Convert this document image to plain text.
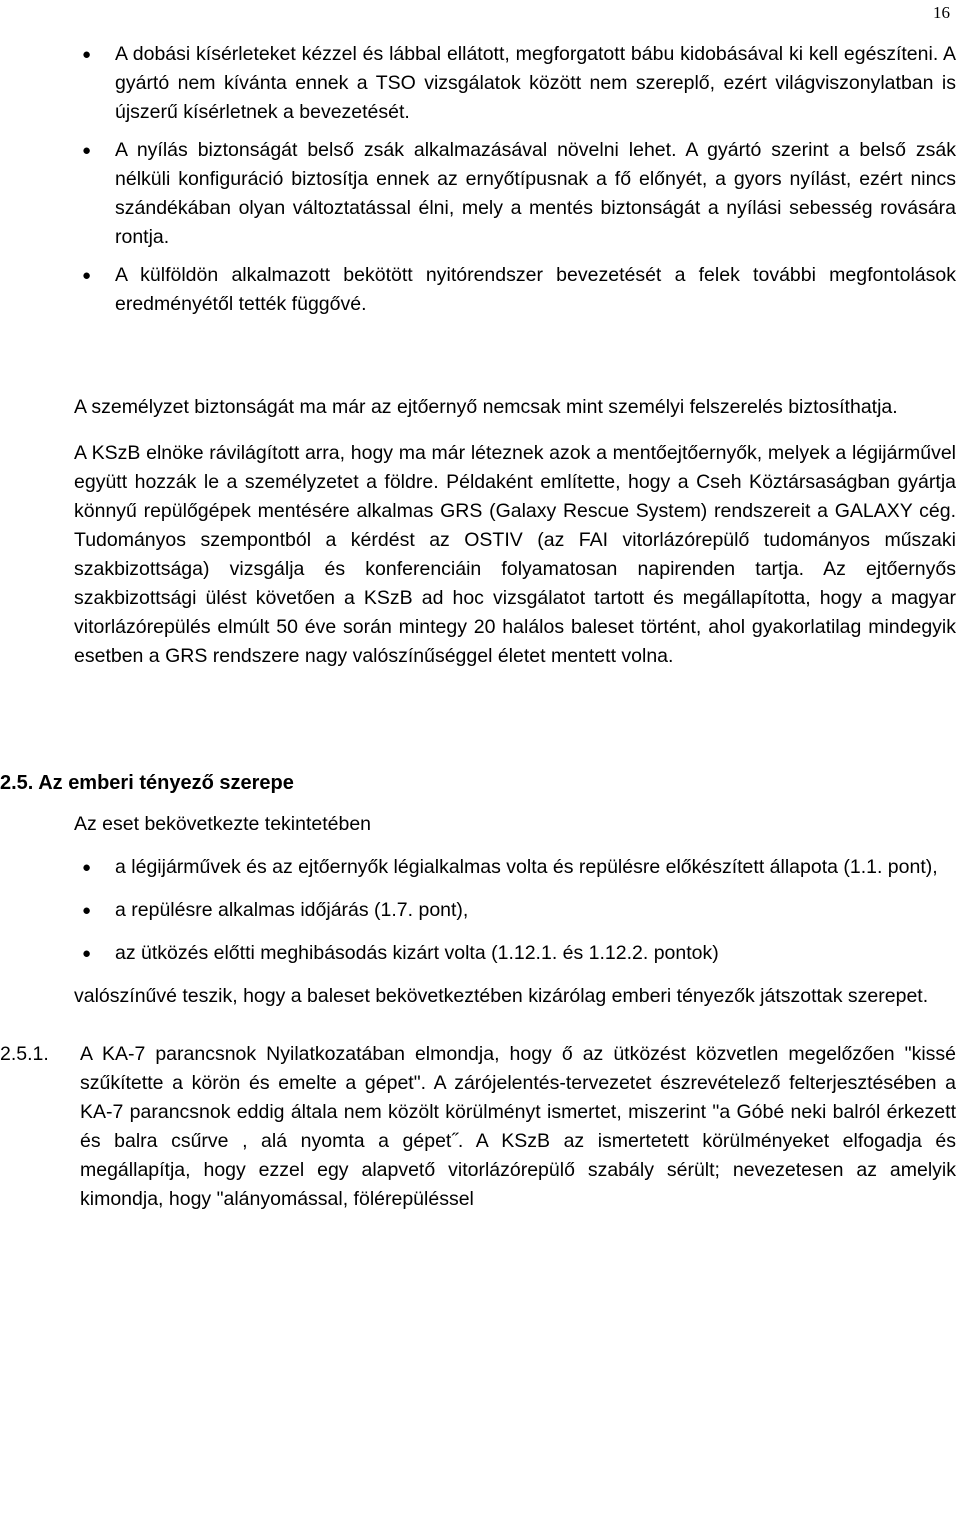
16
● A dobási kísérleteket kézzel és lábbal ellátott, megforgatott bábu kidobásával ki kell egészíteni. A gyártó nem kívánta ennek a TSO vizsgálatok között nem szereplő, ezért világviszonylatban is újszerű kísérletnek a bevezetését.
● A nyílás biztonságát belső zsák alkalmazásával növelni lehet. A gyártó szerint a belső zsák nélküli konfiguráció biztosítja ennek az ernyőtípusnak a fő előnyét, a gyors nyílást, ezért nincs szándékában olyan változtatással élni, mely a mentés biztonságát a nyílási sebesség rovására rontja.
● A külföldön alkalmazott bekötött nyitórendszer bevezetését a felek további megfontolások eredményétől tették függővé.

A személyzet biztonságát ma már az ejtőernyő nemcsak mint személyi felszerelés biztosíthatja.

A KSzB elnöke rávilágított arra, hogy ma már léteznek azok a mentőejtőernyők, melyek a légijárművel együtt hozzák le a személyzetet a földre. Példaként említette, hogy a Cseh Köztársaságban gyártja könnyű repülőgépek mentésére alkalmas GRS (Galaxy Rescue System) rendszereit a GALAXY cég. Tudományos szempontból a kérdést az OSTIV (az FAI vitorlázórepülő tudományos műszaki szakbizottsága) vizsgálja és konferenciáin folyamatosan napirenden tartja. Az ejtőernyős szakbizottsági ülést követően a KSzB ad hoc vizsgálatot tartott és megállapította, hogy a magyar vitorlázórepülés elmúlt 50 éve során mintegy 20 halálos baleset történt, ahol gyakorlatilag mindegyik esetben a GRS rendszere nagy valószínűséggel életet mentett volna.

2.5. Az emberi tényező szerepe

Az eset bekövetkezte tekintetében

● a légijárművek és az ejtőernyők légialkalmas volta és repülésre előkészített állapota (1.1. pont),
● a repülésre alkalmas időjárás (1.7. pont),
● az ütközés előtti meghibásodás kizárt volta (1.12.1. és 1.12.2. pontok)

valószínűvé teszik, hogy a baleset bekövetkeztében kizárólag emberi tényezők játszottak szerepet.

2.5.1. A KA-7 parancsnok Nyilatkozatában elmondja, hogy ő az ütközést közvetlen megelőzően "kissé szűkítette a körön és emelte a gépet". A zárójelentés-tervezetet észrevételező felterjesztésében a KA-7 parancsnok eddig általa nem közölt körülményt ismertet, miszerint "a Góbé neki balról érkezett és balra csűrve , alá nyomta a gépet˝. A KSzB az ismertetett körülményeket elfogadja és megállapítja, hogy ezzel egy alapvető vitorlázórepülő szabály sérült; nevezetesen az amelyik kimondja, hogy "alányomással, fölérepüléssel
